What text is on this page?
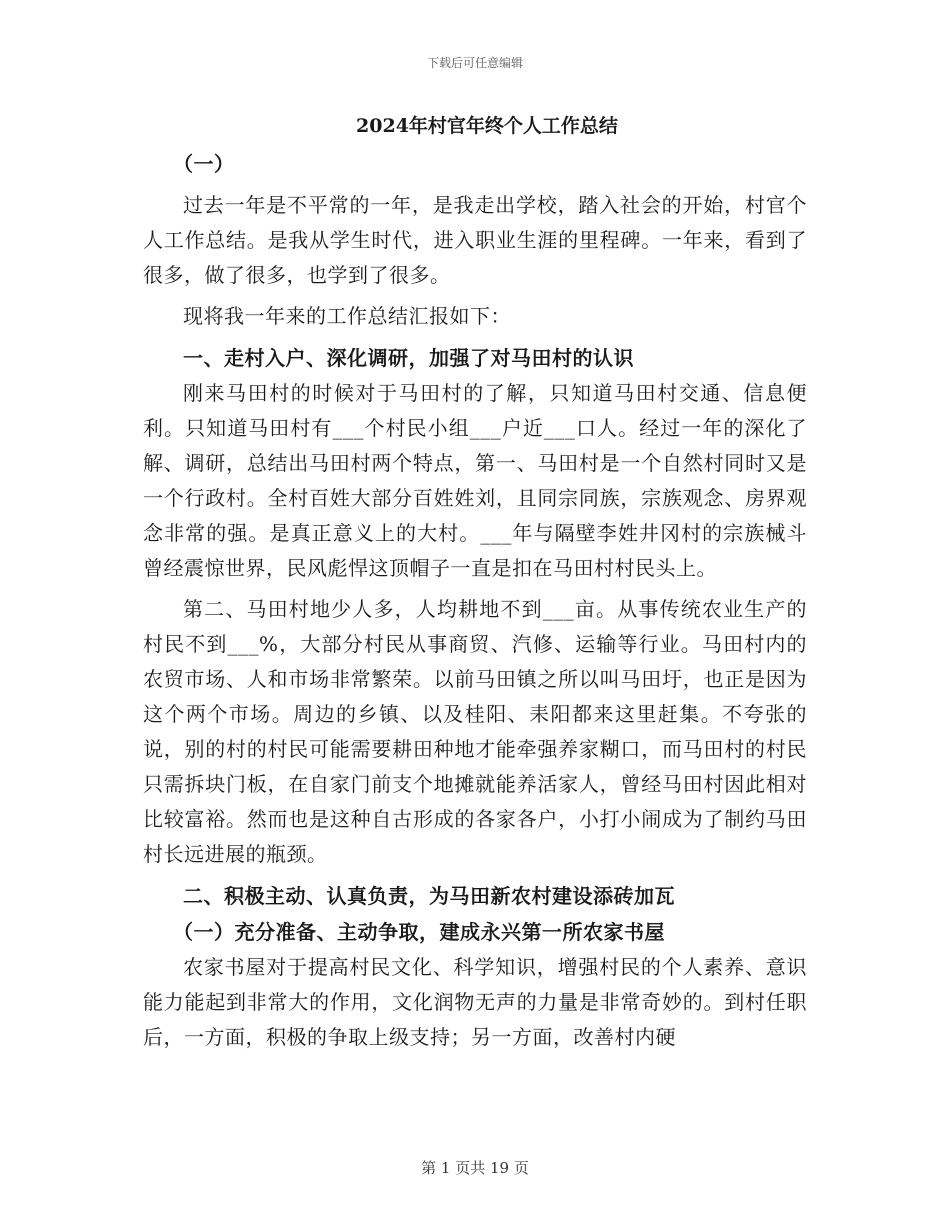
下载后可任意编辑

2024年村官年终个人工作总结

（一）

过去一年是不平常的一年，是我走出学校，踏入社会的开始，村官个人工作总结。是我从学生时代，进入职业生涯的里程碑。一年来，看到了很多，做了很多，也学到了很多。

现将我一年来的工作总结汇报如下：

一、走村入户、深化调研，加强了对马田村的认识

刚来马田村的时候对于马田村的了解，只知道马田村交通、信息便利。只知道马田村有___个村民小组___户近___口人。经过一年的深化了解、调研，总结出马田村两个特点，第一、马田村是一个自然村同时又是一个行政村。全村百姓大部分百姓姓刘，且同宗同族，宗族观念、房界观念非常的强。是真正意义上的大村。___年与隔壁李姓井冈村的宗族械斗曾经震惊世界，民风彪悍这顶帽子一直是扣在马田村村民头上。

第二、马田村地少人多，人均耕地不到___亩。从事传统农业生产的村民不到___%，大部分村民从事商贸、汽修、运输等行业。马田村内的农贸市场、人和市场非常繁荣。以前马田镇之所以叫马田圩，也正是因为这个两个市场。周边的乡镇、以及桂阳、耒阳都来这里赶集。不夸张的说，别的村的村民可能需要耕田种地才能牵强养家糊口，而马田村的村民只需拆块门板，在自家门前支个地摊就能养活家人，曾经马田村因此相对比较富裕。然而也是这种自古形成的各家各户，小打小闹成为了制约马田村长远进展的瓶颈。

二、积极主动、认真负责，为马田新农村建设添砖加瓦

（一）充分准备、主动争取，建成永兴第一所农家书屋

农家书屋对于提高村民文化、科学知识，增强村民的个人素养、意识能力能起到非常大的作用，文化润物无声的力量是非常奇妙的。到村任职后，一方面，积极的争取上级支持；另一方面，改善村内硬

第 1 页共 19 页
